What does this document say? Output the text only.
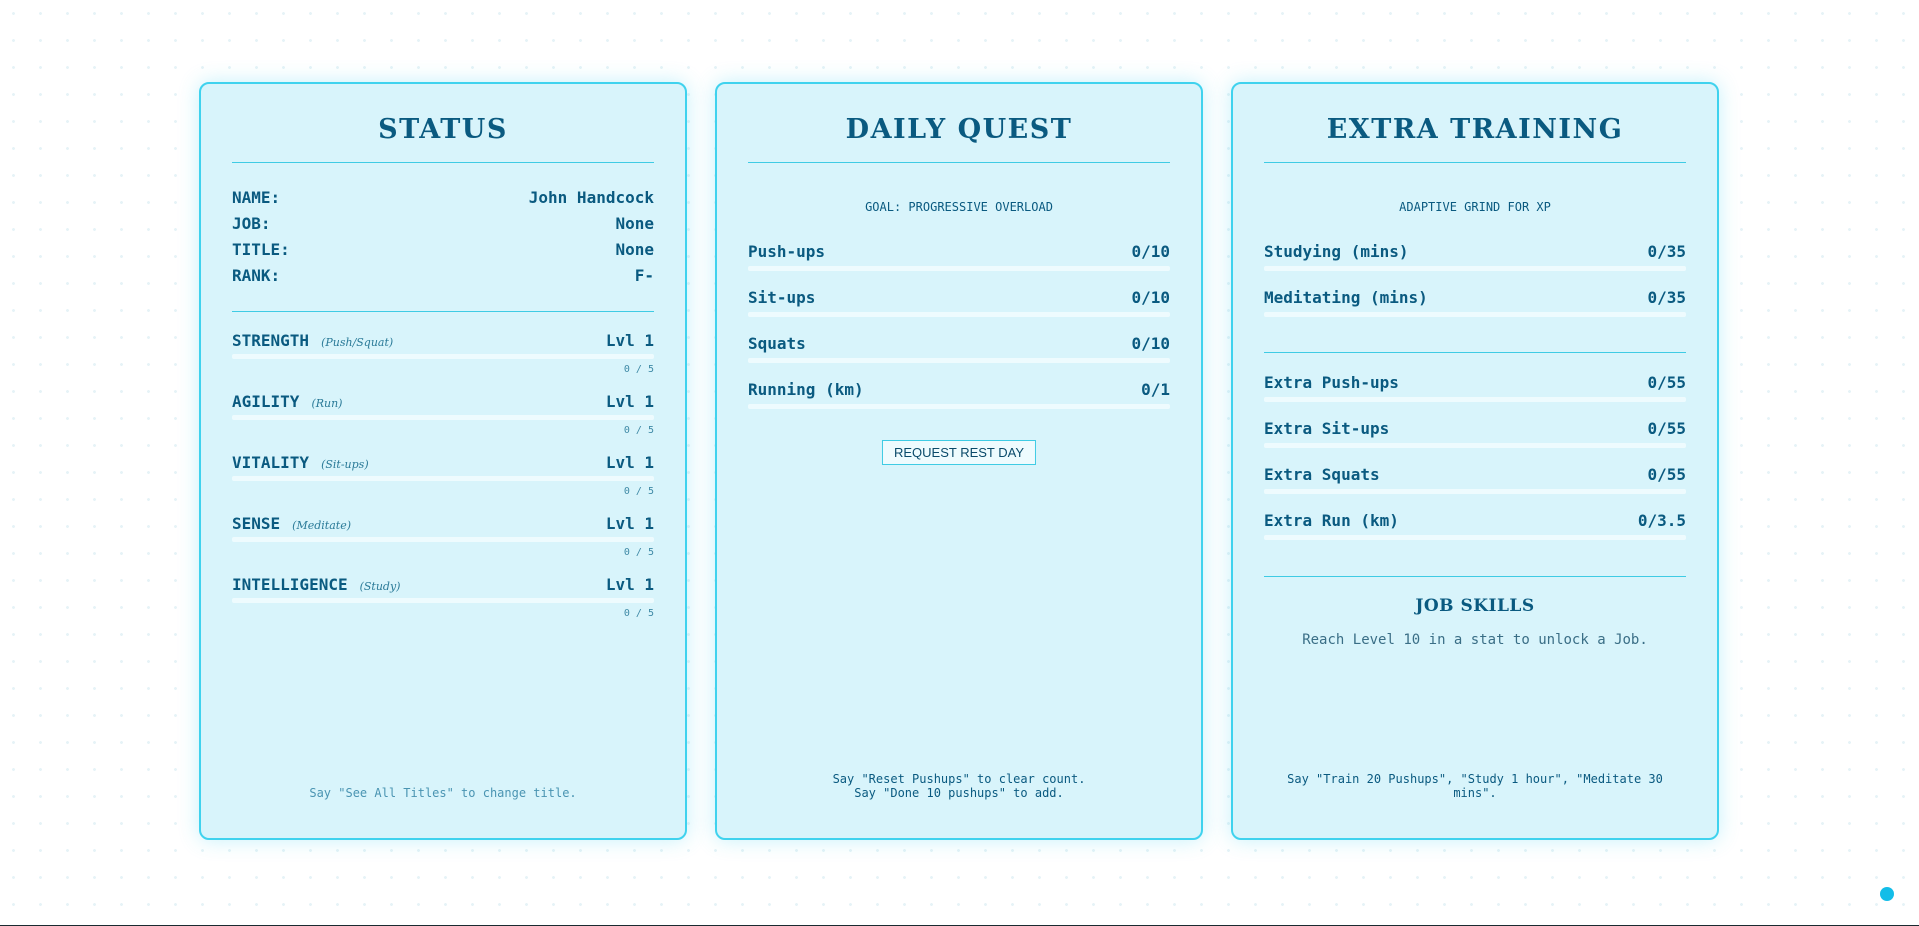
STATUS
NAME:	John Handcock
JOB:	None
TITLE:	None
RANK:	F-
STRENGTH (Push/Squat)	Lvl 1
0 / 5
AGILITY (Run)	Lvl 1
0 / 5
VITALITY (Sit-ups)	Lvl 1
0 / 5
SENSE (Meditate)	Lvl 1
0 / 5
INTELLIGENCE (Study)	Lvl 1
0 / 5
Say "See All Titles" to change title.
DAILY QUEST
GOAL: PROGRESSIVE OVERLOAD
Push-ups	0/10
Sit-ups	0/10
Squats	0/10
Running (km)	0/1
REQUEST REST DAY
Say "Reset Pushups" to clear count.
Say "Done 10 pushups" to add.
EXTRA TRAINING
ADAPTIVE GRIND FOR XP
Studying (mins)	0/35
Meditating (mins)	0/35
Extra Push-ups	0/55
Extra Sit-ups	0/55
Extra Squats	0/55
Extra Run (km)	0/3.5
JOB SKILLS
Reach Level 10 in a stat to unlock a Job.
Say "Train 20 Pushups", "Study 1 hour", "Meditate 30
mins".
